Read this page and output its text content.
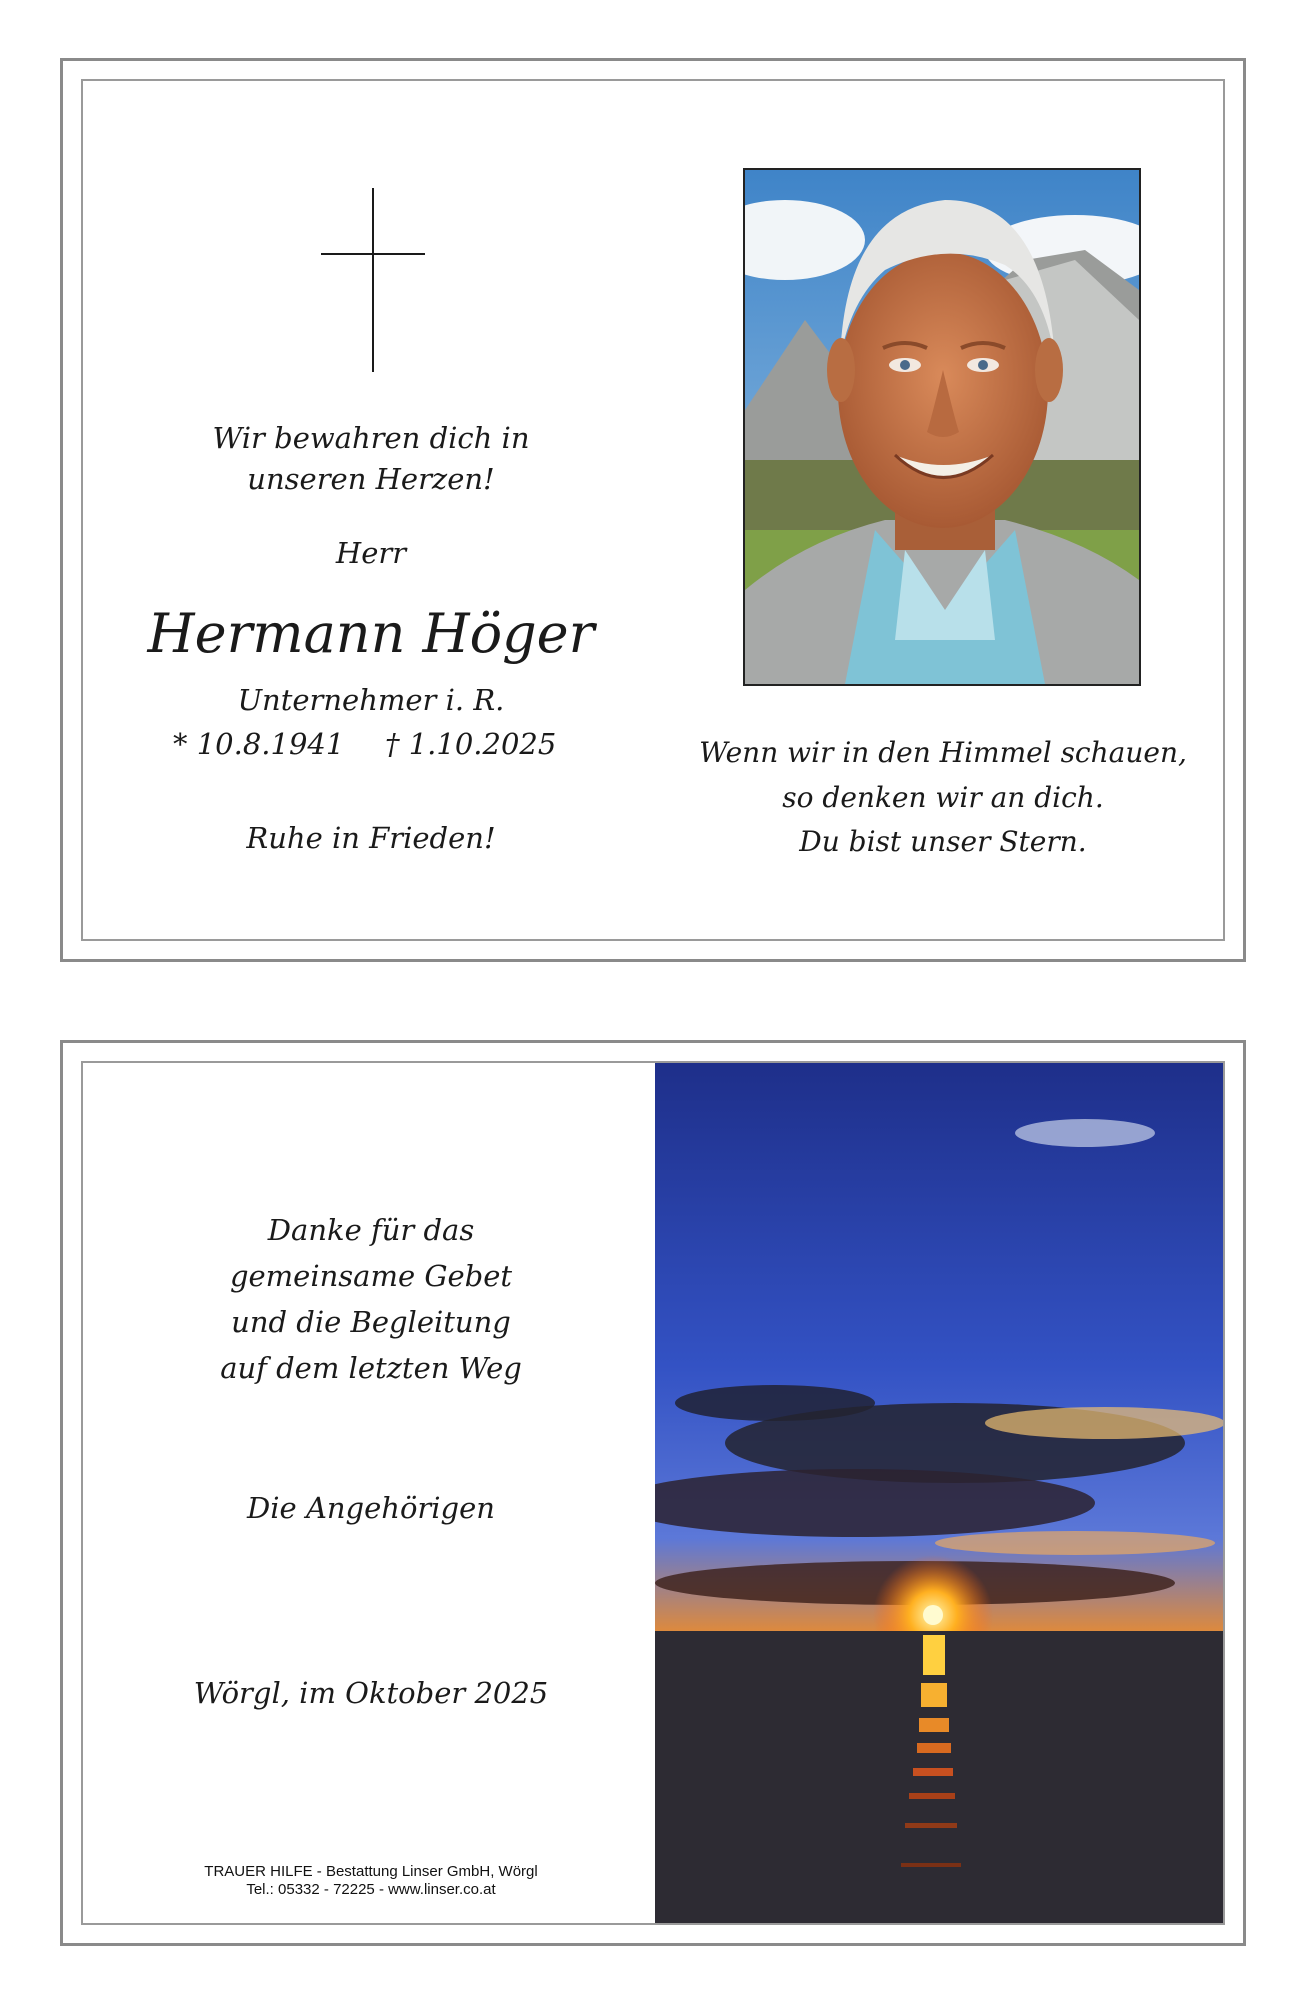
Wir bewahren dich in
unseren Herzen!
Herr
Hermann Höger
Unternehmer i. R.
* 10.8.1941 † 1.10.2025
Ruhe in Frieden!
Wenn wir in den Himmel schauen,
so denken wir an dich.
Du bist unser Stern.
Danke für das
gemeinsame Gebet
und die Begleitung
auf dem letzten Weg
Die Angehörigen
Wörgl, im Oktober 2025
TRAUER HILFE - Bestattung Linser GmbH, Wörgl
Tel.: 05332 - 72225 - www.linser.co.at
